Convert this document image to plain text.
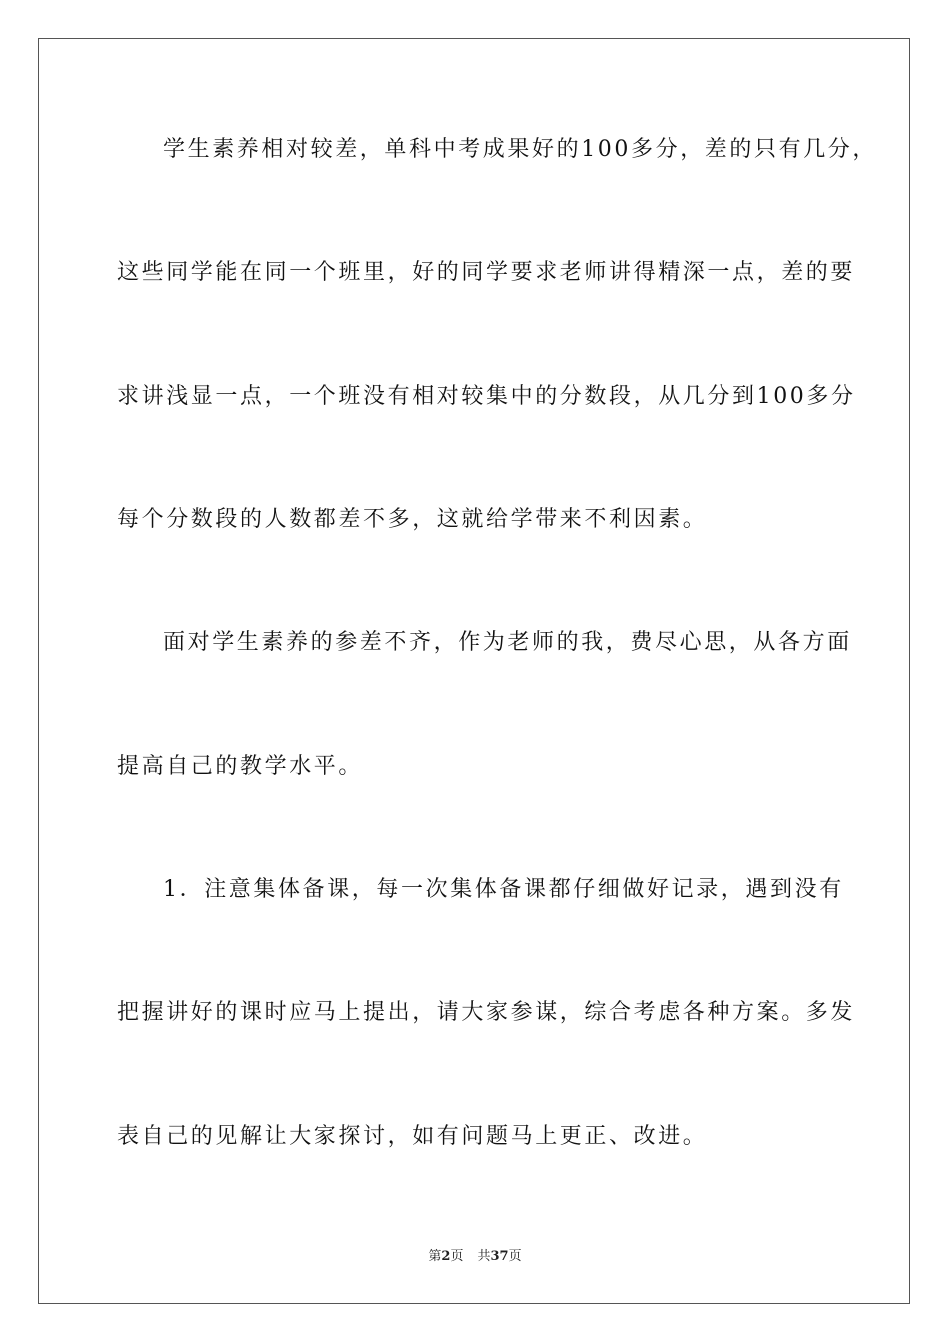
学生素养相对较差，单科中考成果好的100多分，差的只有几分，
这些同学能在同一个班里，好的同学要求老师讲得精深一点，差的要
求讲浅显一点，一个班没有相对较集中的分数段，从几分到100多分
每个分数段的人数都差不多，这就给学带来不利因素。
面对学生素养的参差不齐，作为老师的我，费尽心思，从各方面
提高自己的教学水平。
1．注意集体备课，每一次集体备课都仔细做好记录，遇到没有
把握讲好的课时应马上提出，请大家参谋，综合考虑各种方案。多发
表自己的见解让大家探讨，如有问题马上更正、改进。
第2页 共37页
